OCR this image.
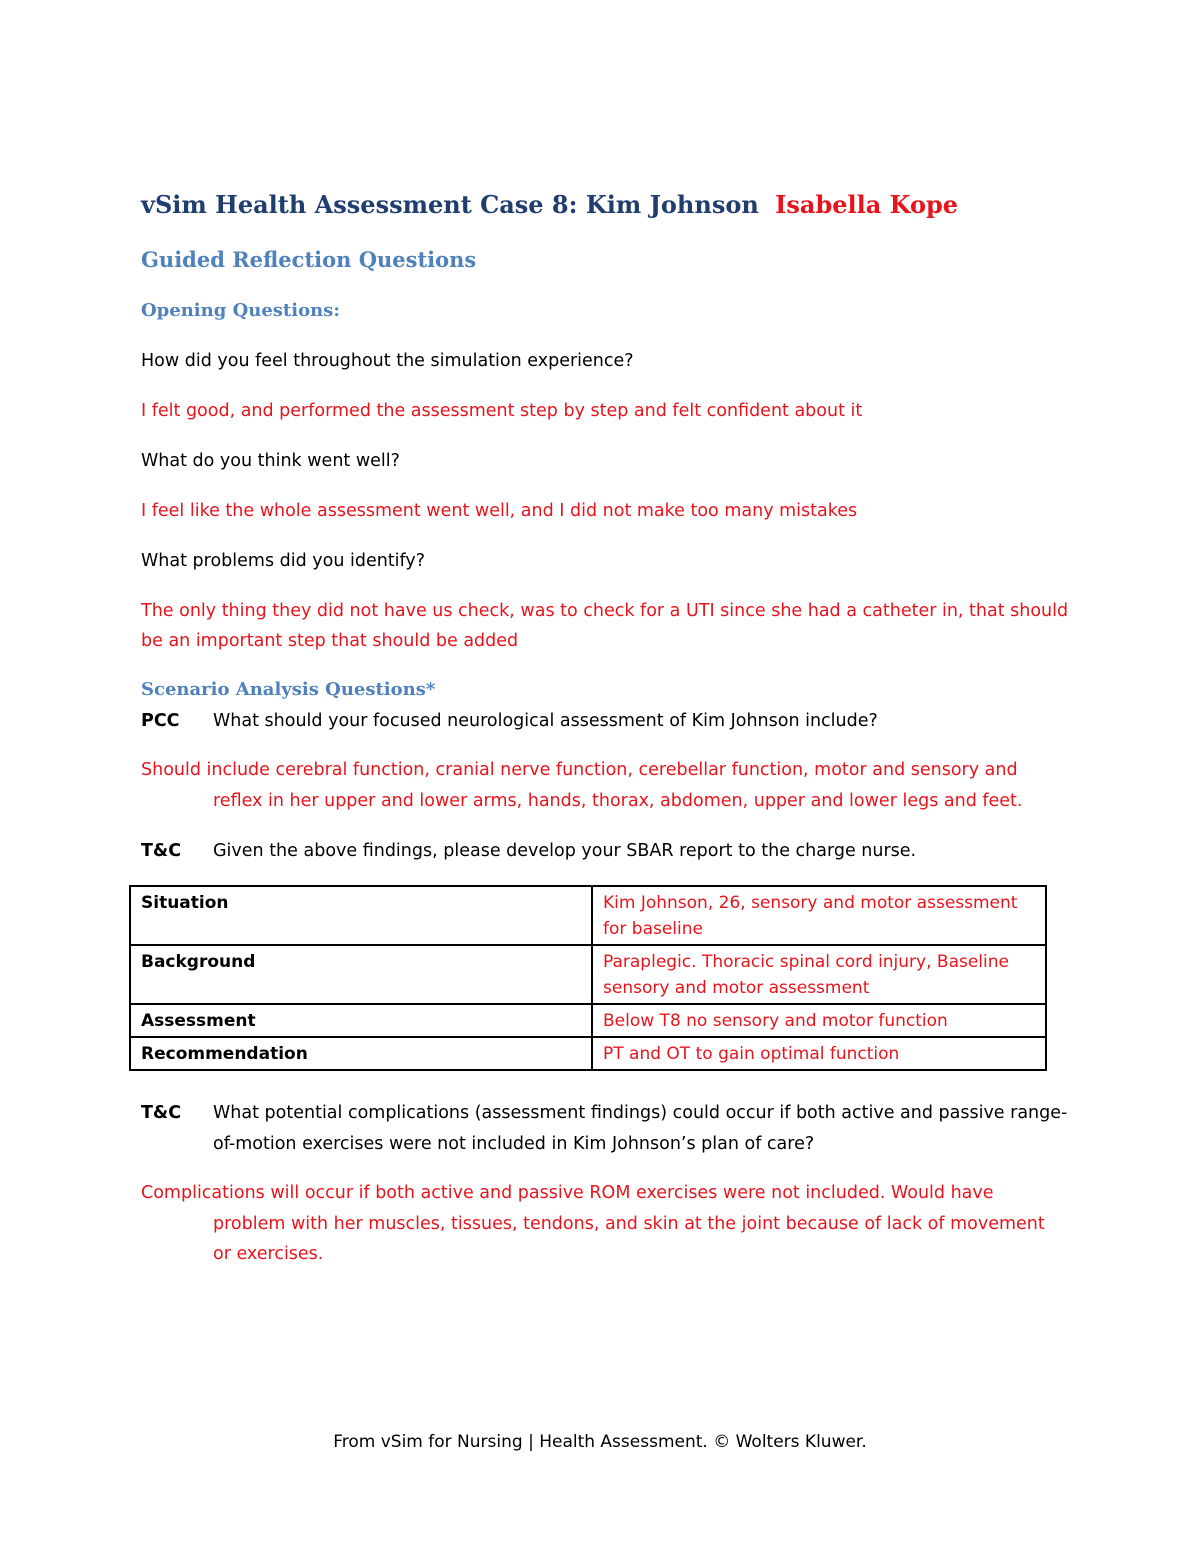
vSim Health Assessment Case 8: Kim Johnson Isabella Kope
Guided Reflection Questions
Opening Questions:
How did you feel throughout the simulation experience?
I felt good, and performed the assessment step by step and felt confident about it
What do you think went well?
I feel like the whole assessment went well, and I did not make too many mistakes
What problems did you identify?
The only thing they did not have us check, was to check for a UTI since she had a catheter in, that should
be an important step that should be added
Scenario Analysis Questions*
PCC What should your focused neurological assessment of Kim Johnson include?
Should include cerebral function, cranial nerve function, cerebellar function, motor and sensory and
reflex in her upper and lower arms, hands, thorax, abdomen, upper and lower legs and feet.
T&C Given the above findings, please develop your SBAR report to the charge nurse.
Situation	Kim Johnson, 26, sensory and motor assessment for baseline
Background	Paraplegic. Thoracic spinal cord injury, Baseline sensory and motor assessment
Assessment	Below T8 no sensory and motor function
Recommendation	PT and OT to gain optimal function
T&C What potential complications (assessment findings) could occur if both active and passive range-
of-motion exercises were not included in Kim Johnson’s plan of care?
Complications will occur if both active and passive ROM exercises were not included. Would have
problem with her muscles, tissues, tendons, and skin at the joint because of lack of movement
or exercises.
From vSim for Nursing | Health Assessment. © Wolters Kluwer.
